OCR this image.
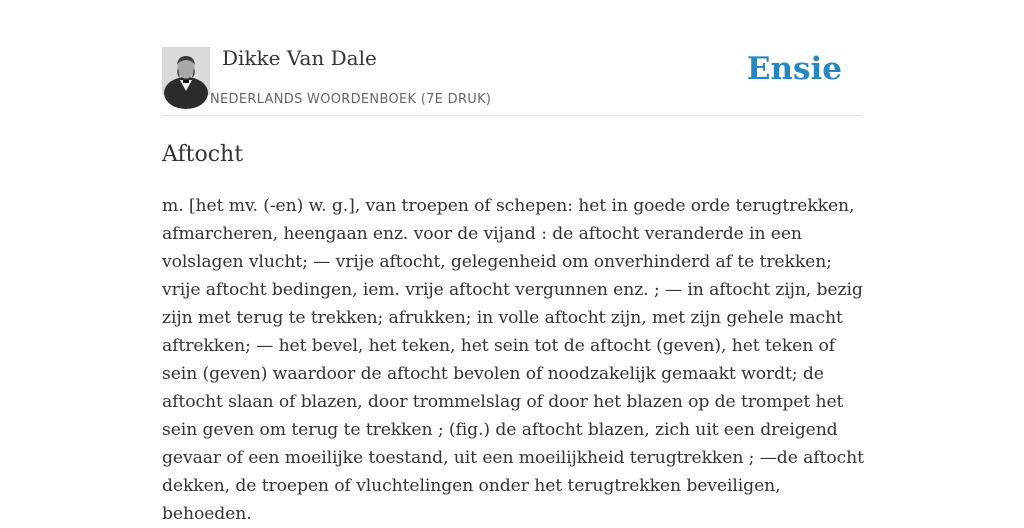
Dikke Van Dale
NEDERLANDS WOORDENBOEK (7E DRUK)
Ensie
Aftocht

m. [het mv. (-en) w. g.], van troepen of schepen: het in goede orde terugtrekken, afmarcheren, heengaan enz. voor de vijand : de aftocht veranderde in een volslagen vlucht; — vrije aftocht, gelegenheid om onverhinderd af te trekken; vrije aftocht bedingen, iem. vrije aftocht vergunnen enz. ; — in aftocht zijn, bezig zijn met terug te trekken; afrukken; in volle aftocht zijn, met zijn gehele macht aftrekken; — het bevel, het teken, het sein tot de aftocht (geven), het teken of sein (geven) waardoor de aftocht bevolen of noodzakelijk gemaakt wordt; de aftocht slaan of blazen, door trommelslag of door het blazen op de trompet het sein geven om terug te trekken ; (fig.) de aftocht blazen, zich uit een dreigend gevaar of een moeilijke toestand, uit een moeilijkheid terugtrekken ; —de aftocht dekken, de troepen of vluchtelingen onder het terugtrekken beveiligen, behoeden.
